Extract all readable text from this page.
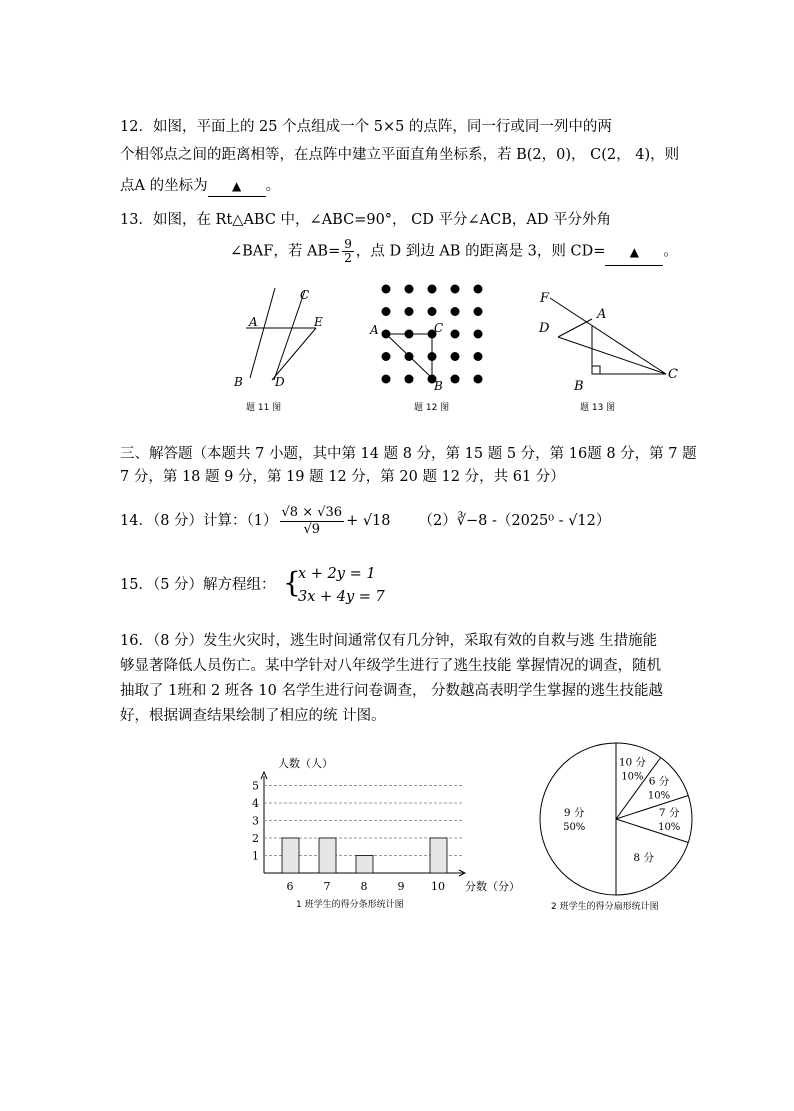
12．如图，平面上的 25 个点组成一个 5×5 的点阵，同一行或同一列中的两
个相邻点之间的距离相等，在点阵中建立平面直角坐标系，若 B(2，0)， C(2， 4)，则
点A 的坐标为 ▲ 。
13．如图，在 Rt△ABC 中，∠ABC=90°， CD 平分∠ACB，AD 平分外角
∠BAF，若 $AB= \frac{9}{2}$ ，点 D 到边 AB 的距离是 3，则 CD= ▲ 。
A
C
E
B	D
题 11 图
A	C
B
题 12 图
F
A
D
B
C
题 13 图
三、解答题（本题共 7 小题，其中第 14 题 8 分，第 15 题 5 分，第 16题 8 分，第 7 题
7 分，第 18 题 9 分，第 19 题 12 分，第 20 题 12 分，共 61 分）
14．（8 分）计算：$(1) \frac{√8 \times √36}{√9} + √18$ （2）∛−8 -（2025⁰ - √12）
15．（5 分）解方程组： {
x + 2y = 1
3x + 4y = 7
16．（8 分）发生火灾时，逃生时间通常仅有几分钟，采取有效的自救与逃 生措施能
够显著降低人员伤亡。某中学针对八年级学生进行了逃生技能 掌握情况的调查，随机
抽取了 1班和 2 班各 10 名学生进行问卷调查， 分数越高表明学生掌握的逃生技能越
好，根据调查结果绘制了相应的统 计图。
人数（人）
分数（分）
1
2
3
4
5
6	7	8	9 10
1 班学生的得分条形统计图
10 分
10% 6 分
10%
7 分
10%
8 分
9 分
50%
2 班学生的得分扇形统计图
